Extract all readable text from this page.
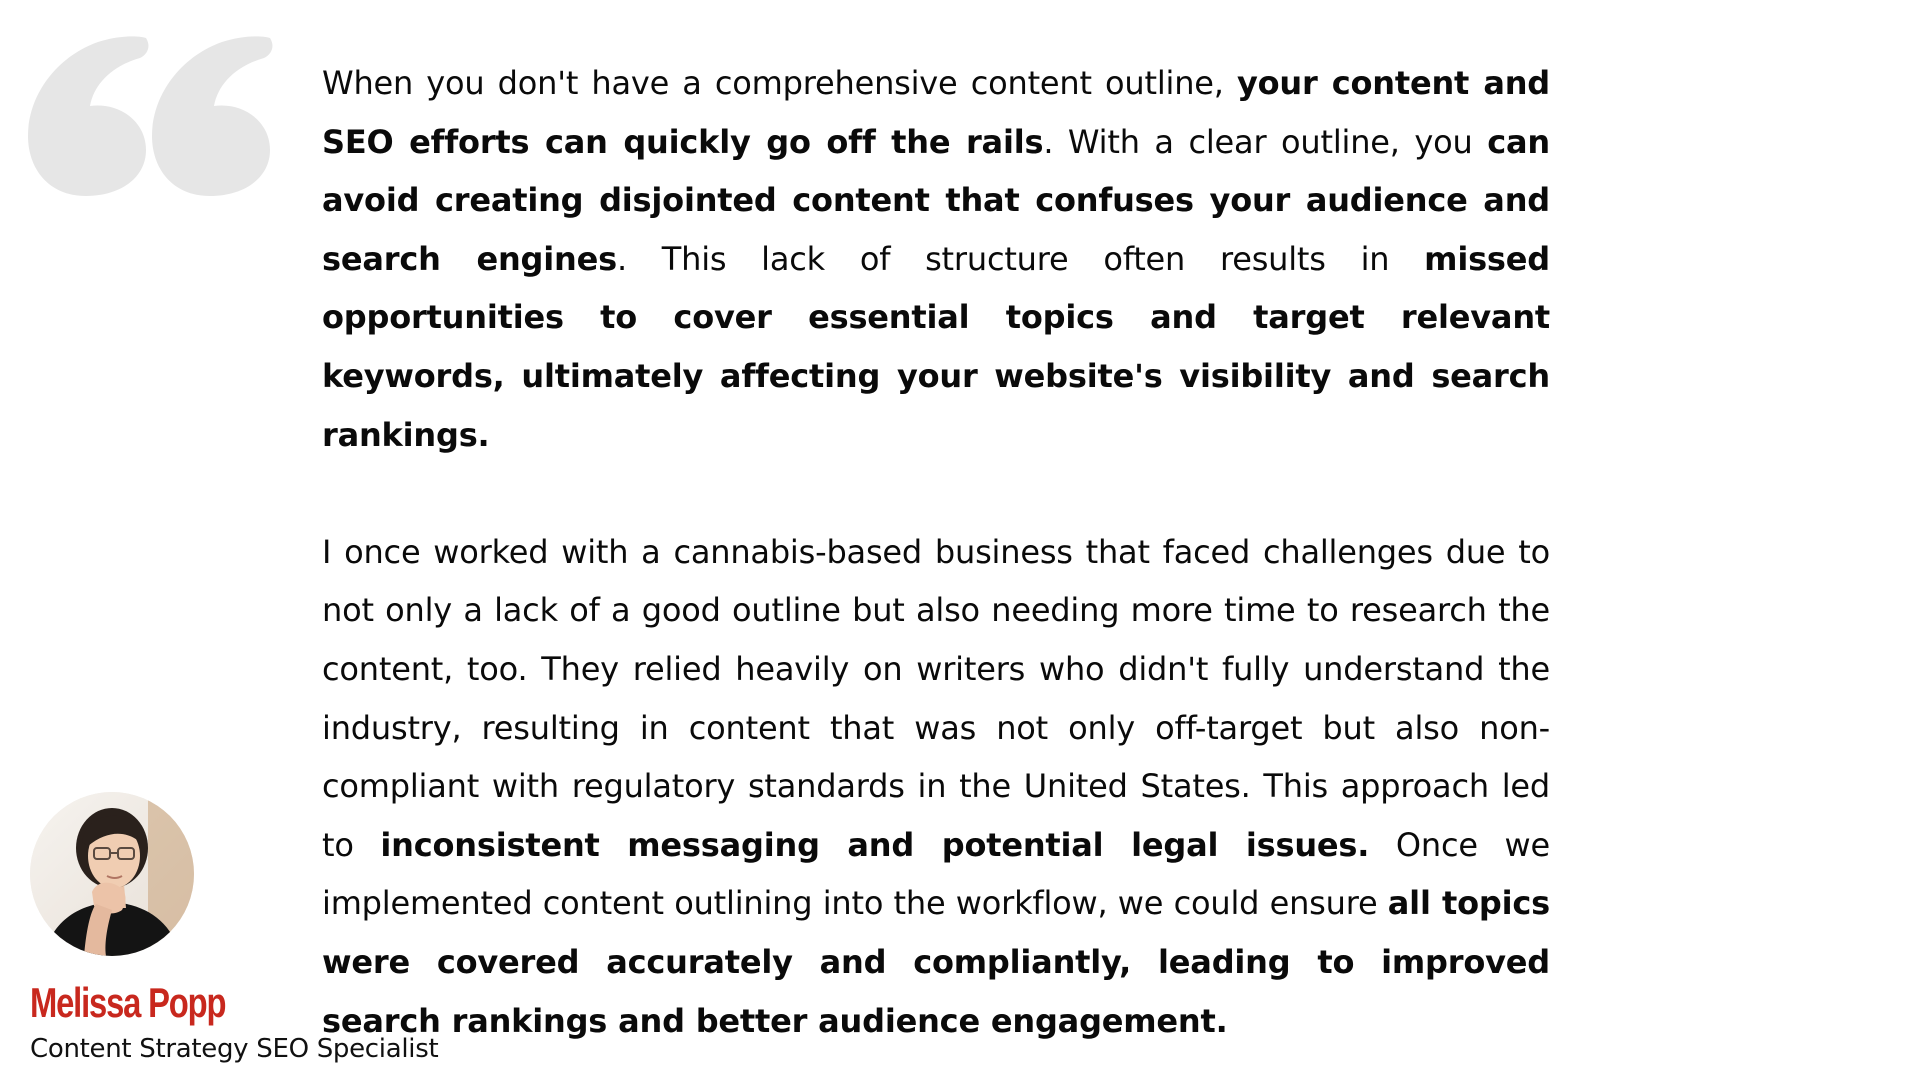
When you don't have a comprehensive content outline, your content and SEO efforts can quickly go off the rails. With a clear outline, you can avoid creating disjointed content that confuses your audience and search engines. This lack of structure often results in missed opportunities to cover essential topics and target relevant keywords, ultimately affecting your website's visibility and search rankings.

I once worked with a cannabis-based business that faced challenges due to not only a lack of a good outline but also needing more time to research the content, too. They relied heavily on writers who didn't fully understand the industry, resulting in content that was not only off-target but also non-compliant with regulatory standards in the United States. This approach led to inconsistent messaging and potential legal issues. Once we implemented content outlining into the workflow, we could ensure all topics were covered accurately and compliantly, leading to improved search rankings and better audience engagement.

Melissa Popp
Content Strategy SEO Specialist
